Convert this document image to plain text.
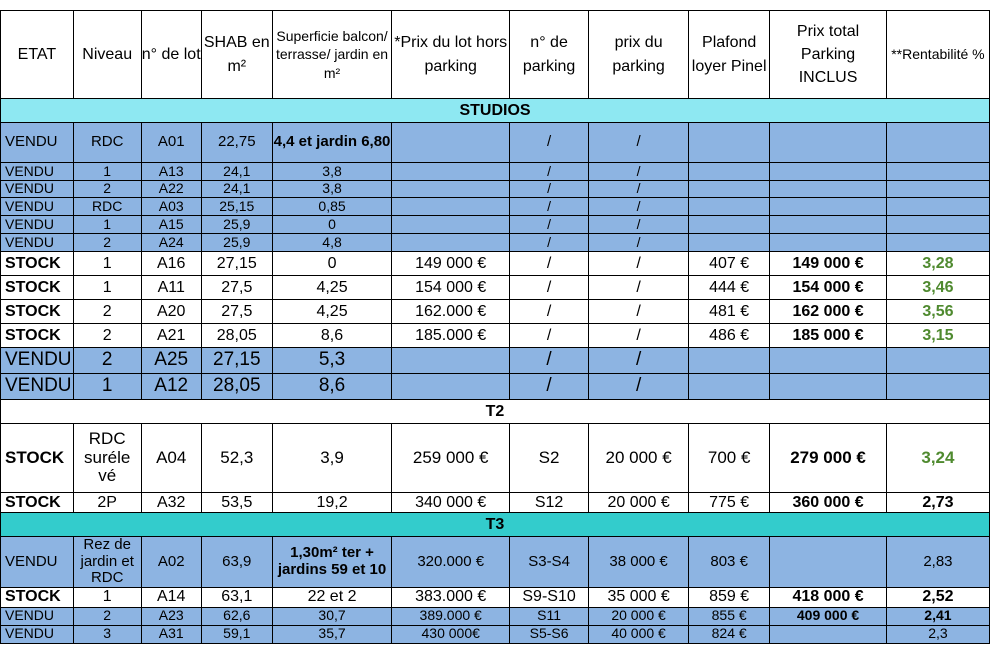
ETAT	Niveau	n° de lot	SHAB en m²	Superficie balcon/ terrasse/ jardin en m²	*Prix du lot hors parking	n° de parking	prix du parking	Plafond loyer Pinel	Prix total Parking INCLUS	**Rentabilité %
STUDIOS										
VENDU	RDC	A01	22,75	4,4 et jardin 6,80		/	/			
VENDU	1	A13	24,1	3,8		/	/			
VENDU	2	A22	24,1	3,8		/	/			
VENDU	RDC	A03	25,15	0,85		/	/			
VENDU	1	A15	25,9	0		/	/			
VENDU	2	A24	25,9	4,8		/	/			
STOCK	1	A16	27,15	0	149 000 €	/	/	407 €	149 000 €	3,28
STOCK	1	A11	27,5	4,25	154 000 €	/	/	444 €	154 000 €	3,46
STOCK	2	A20	27,5	4,25	162.000 €	/	/	481 €	162 000 €	3,56
STOCK	2	A21	28,05	8,6	185.000 €	/	/	486 €	185 000 €	3,15
VENDU	2	A25	27,15	5,3		/	/			
VENDU	1	A12	28,05	8,6		/	/			
T2										
STOCK	RDC suréle vé	A04	52,3	3,9	259 000 €	S2	20 000 €	700 €	279 000 €	3,24
STOCK	2P	A32	53,5	19,2	340 000 €	S12	20 000 €	775 €	360 000 €	2,73
T3										
VENDU	Rez de jardin et RDC	A02	63,9	1,30m² ter + jardins 59 et 10	320.000 €	S3-S4	38 000 €	803 €		2,83
STOCK	1	A14	63,1	22 et 2	383.000 €	S9-S10	35 000 €	859 €	418 000 €	2,52
VENDU	2	A23	62,6	30,7	389.000 €	S11	20 000 €	855 €	409 000 €	2,41
VENDU	3	A31	59,1	35,7	430 000€	S5-S6	40 000 €	824 €		2,3
